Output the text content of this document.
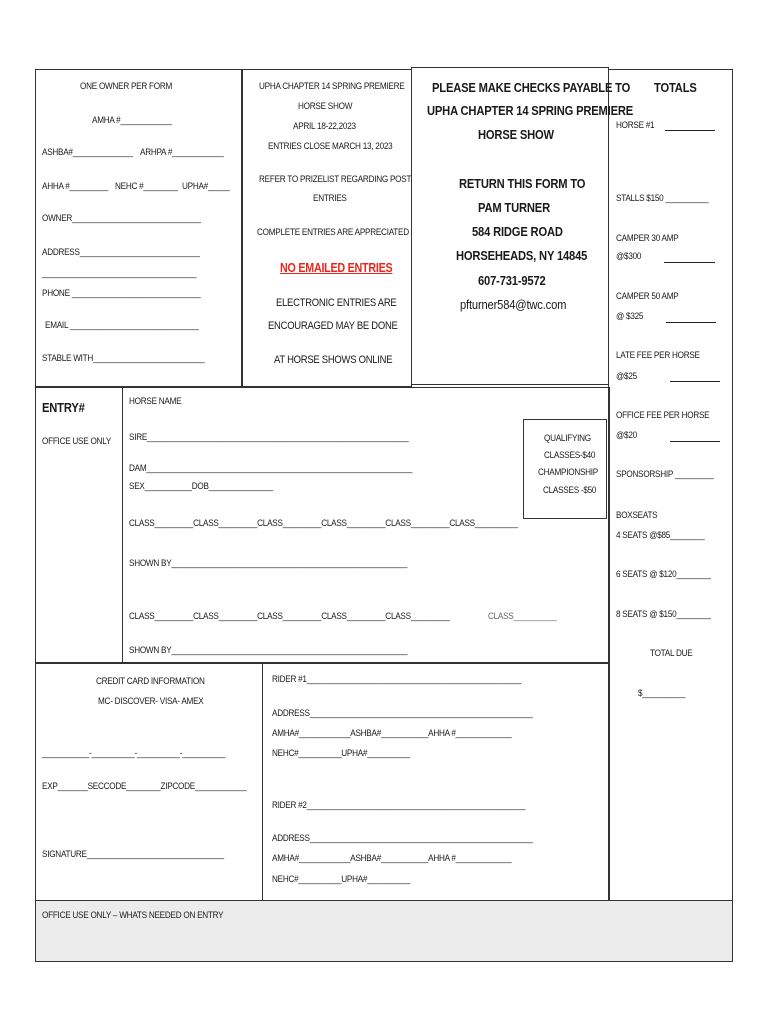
ONE OWNER PER FORM
AMHA #____________
ASHBA#______________ ARHPA #____________
AHHA #_________ NEHC #________ UPHA#_____
OWNER______________________________
ADDRESS____________________________
____________________________________
PHONE ______________________________
EMAIL ______________________________
STABLE WITH__________________________
UPHA CHAPTER 14 SPRING PREMIERE
HORSE SHOW
APRIL 18-22,2023
ENTRIES CLOSE MARCH 13, 2023
REFER TO PRIZELIST REGARDING POST
ENTRIES
COMPLETE ENTRIES ARE APPRECIATED
NO EMAILED ENTRIES
ELECTRONIC ENTRIES ARE
ENCOURAGED MAY BE DONE
AT HORSE SHOWS ONLINE
PLEASE MAKE CHECKS PAYABLE TO
UPHA CHAPTER 14 SPRING PREMIERE
HORSE SHOW
RETURN THIS FORM TO
PAM TURNER
584 RIDGE ROAD
HORSEHEADS, NY 14845
607-731-9572
pfturner584@twc.com
TOTALS
HORSE #1
STALLS $150 __________
CAMPER 30 AMP
@$300
CAMPER 50 AMP
@ $325
LATE FEE PER HORSE
@$25
OFFICE FEE PER HORSE
@$20
SPONSORSHIP _________
BOXSEATS
4 SEATS @$85________
6 SEATS @ $120________
8 SEATS @ $150________
TOTAL DUE
$__________
ENTRY#
OFFICE USE ONLY
HORSE NAME
SIRE_____________________________________________________________
DAM______________________________________________________________
SEX___________DOB_______________
CLASS_________CLASS_________CLASS_________CLASS_________CLASS_________CLASS__________
SHOWN BY_______________________________________________________
CLASS_________CLASS_________CLASS_________CLASS_________CLASS_________	CLASS__________
SHOWN BY_______________________________________________________
QUALIFYING
CLASSES-$40
CHAMPIONSHIP
CLASSES -$50
CREDIT CARD INFORMATION
MC- DISCOVER- VISA- AMEX
___________-__________-__________-__________
EXP_______SECCODE________ZIPCODE____________
SIGNATURE________________________________
RIDER #1__________________________________________________
ADDRESS____________________________________________________
AMHA#____________ASHBA#___________AHHA #_____________
NEHC#__________UPHA#__________
RIDER #2___________________________________________________
ADDRESS____________________________________________________
AMHA#____________ASHBA#___________AHHA #_____________
NEHC#__________UPHA#__________
OFFICE USE ONLY – WHATS NEEDED ON ENTRY
